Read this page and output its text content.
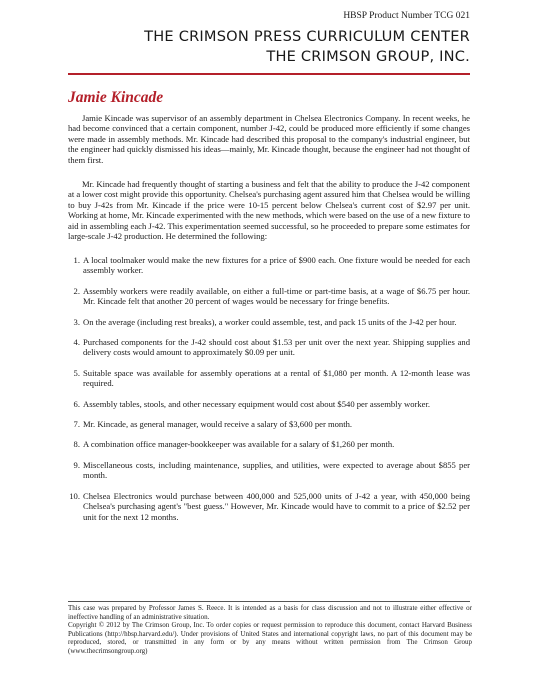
HBSP Product Number TCG 021
THE CRIMSON PRESS CURRICULUM CENTER
THE CRIMSON GROUP, INC.
Jamie Kincade

Jamie Kincade was supervisor of an assembly department in Chelsea Electronics Company. In recent weeks, he had become convinced that a certain component, number J-42, could be produced more efficiently if some changes were made in assembly methods. Mr. Kincade had described this proposal to the company's industrial engineer, but the engineer had quickly dismissed his ideas—mainly, Mr. Kincade thought, because the engineer had not thought of them first.

Mr. Kincade had frequently thought of starting a business and felt that the ability to produce the J-42 component at a lower cost might provide this opportunity. Chelsea's purchasing agent assured him that Chelsea would be willing to buy J-42s from Mr. Kincade if the price were 10-15 percent below Chelsea's current cost of $2.97 per unit. Working at home, Mr. Kincade experimented with the new methods, which were based on the use of a new fixture to aid in assembling each J-42. This experimentation seemed successful, so he proceeded to prepare some estimates for large-scale J-42 production. He determined the following:

1. A local toolmaker would make the new fixtures for a price of $900 each. One fixture would be needed for each assembly worker.
2. Assembly workers were readily available, on either a full-time or part-time basis, at a wage of $6.75 per hour. Mr. Kincade felt that another 20 percent of wages would be necessary for fringe benefits.
3. On the average (including rest breaks), a worker could assemble, test, and pack 15 units of the J-42 per hour.
4. Purchased components for the J-42 should cost about $1.53 per unit over the next year. Shipping supplies and delivery costs would amount to approximately $0.09 per unit.
5. Suitable space was available for assembly operations at a rental of $1,080 per month. A 12-month lease was required.
6. Assembly tables, stools, and other necessary equipment would cost about $540 per assembly worker.
7. Mr. Kincade, as general manager, would receive a salary of $3,600 per month.
8. A combination office manager-bookkeeper was available for a salary of $1,260 per month.
9. Miscellaneous costs, including maintenance, supplies, and utilities, were expected to average about $855 per month.
10. Chelsea Electronics would purchase between 400,000 and 525,000 units of J-42 a year, with 450,000 being Chelsea's purchasing agent's "best guess." However, Mr. Kincade would have to commit to a price of $2.52 per unit for the next 12 months.

This case was prepared by Professor James S. Reece. It is intended as a basis for class discussion and not to illustrate either effective or ineffective handling of an administrative situation.

Copyright © 2012 by The Crimson Group, Inc. To order copies or request permission to reproduce this document, contact Harvard Business Publications (http://hbsp.harvard.edu/). Under provisions of United States and international copyright laws, no part of this document may be reproduced, stored, or transmitted in any form or by any means without written permission from The Crimson Group (www.thecrimsongroup.org)
